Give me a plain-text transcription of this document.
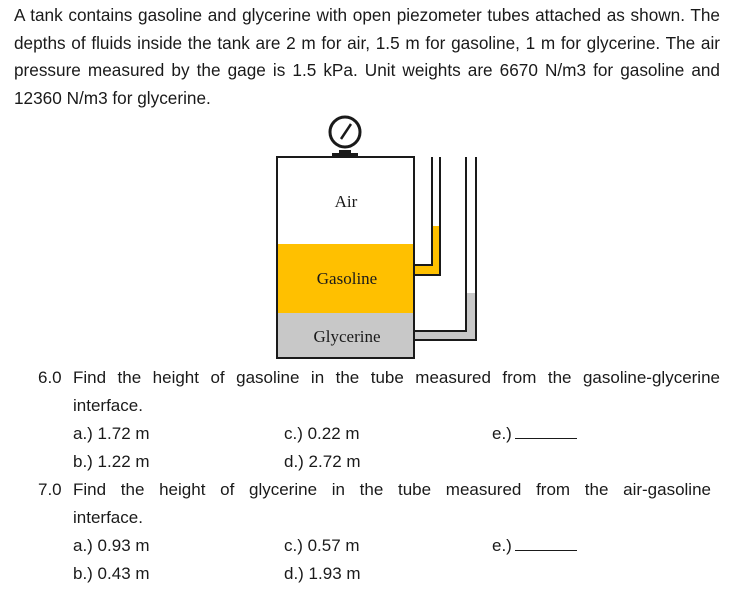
A tank contains gasoline and glycerine with open piezometer tubes attached as shown. The depths of fluids inside the tank are 2 m for air, 1.5 m for gasoline, 1 m for glycerine. The air pressure measured by the gage is 1.5 kPa. Unit weights are 6670 N/m3 for gasoline and 12360 N/m3 for glycerine.

Air
Gasoline
Glycerine
6.0 Find the height of gasoline in the tube measured from the gasoline-glycerine
interface.
a.) 1.72 m	c.) 0.22 m	e.)
b.) 1.22 m	d.) 2.72 m
7.0 Find the height of glycerine in the tube measured from the air-gasoline
interface.
a.) 0.93 m	c.) 0.57 m	e.)
b.) 0.43 m	d.) 1.93 m
